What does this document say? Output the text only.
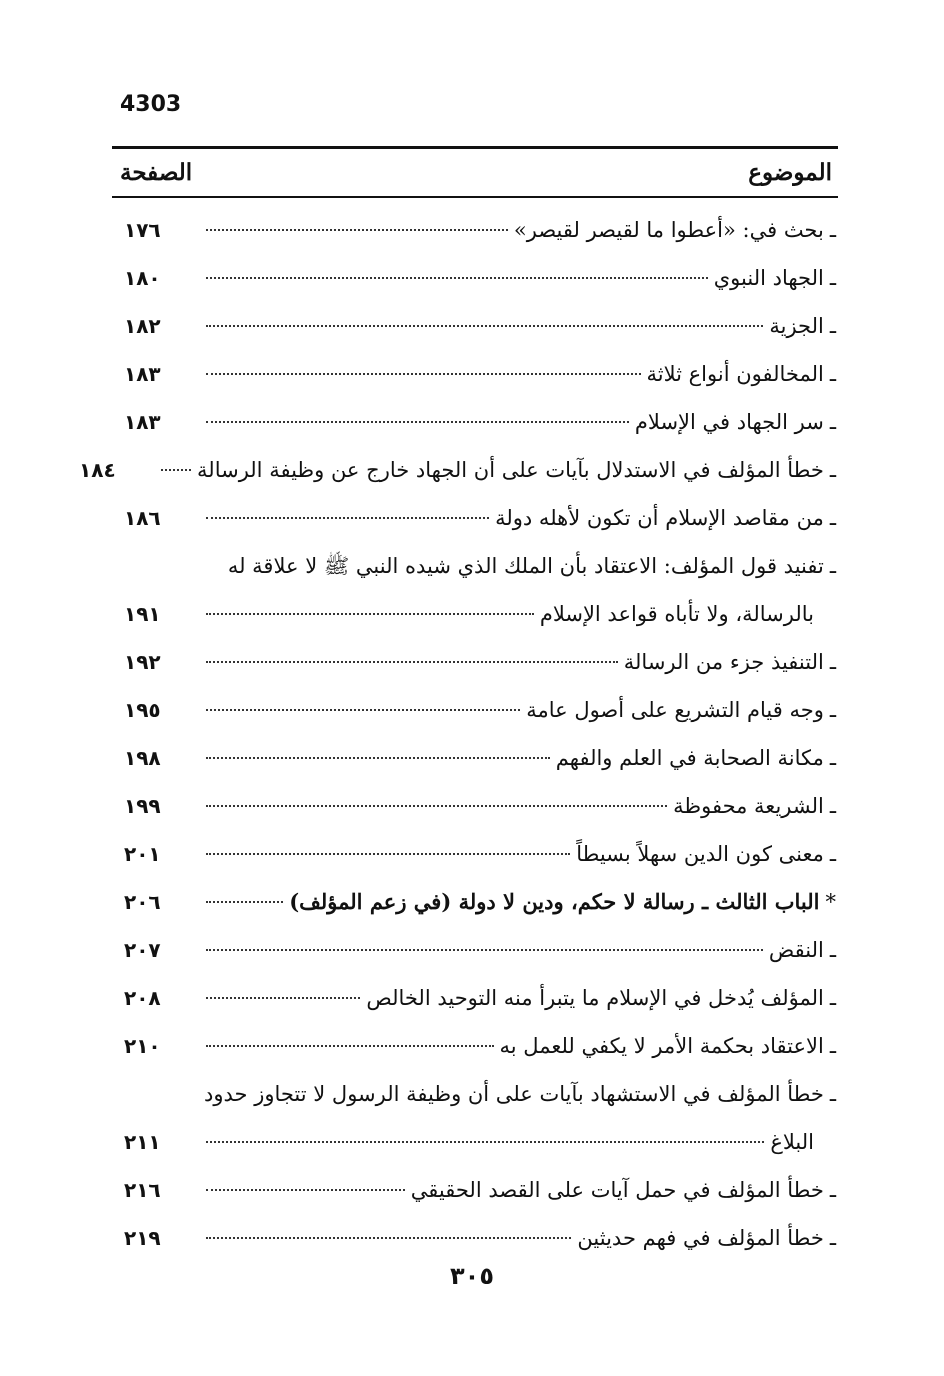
4303
الموضوع
الصفحة
ـ
بحث في: «أعطوا ما لقيصر لقيصر»
١٧٦
ـ
الجهاد النبوي
١٨٠
ـ
الجزية
١٨٢
ـ
المخالفون أنواع ثلاثة
١٨٣
ـ
سر الجهاد في الإسلام
١٨٣
ـ
خطأ المؤلف في الاستدلال بآيات على أن الجهاد خارج عن وظيفة الرسالة
١٨٤
ـ
من مقاصد الإسلام أن تكون لأهله دولة
١٨٦
ـ
تفنيد قول المؤلف: الاعتقاد بأن الملك الذي شيده النبي ﷺ لا علاقة له
بالرسالة، ولا تأباه قواعد الإسلام
١٩١
ـ
التنفيذ جزء من الرسالة
١٩٢
ـ
وجه قيام التشريع على أصول عامة
١٩٥
ـ
مكانة الصحابة في العلم والفهم
١٩٨
ـ
الشريعة محفوظة
١٩٩
ـ
معنى كون الدين سهلاً بسيطاً
٢٠١
*
الباب الثالث ـ رسالة لا حكم، ودين لا دولة (في زعم المؤلف)
٢٠٦
ـ
النقض
٢٠٧
ـ
المؤلف يُدخل في الإسلام ما يتبرأ منه التوحيد الخالص
٢٠٨
ـ
الاعتقاد بحكمة الأمر لا يكفي للعمل به
٢١٠
ـ
خطأ المؤلف في الاستشهاد بآيات على أن وظيفة الرسول لا تتجاوز حدود
البلاغ
٢١١
ـ
خطأ المؤلف في حمل آيات على القصد الحقيقي
٢١٦
ـ
خطأ المؤلف في فهم حديثين
٢١٩
٣٠٥
